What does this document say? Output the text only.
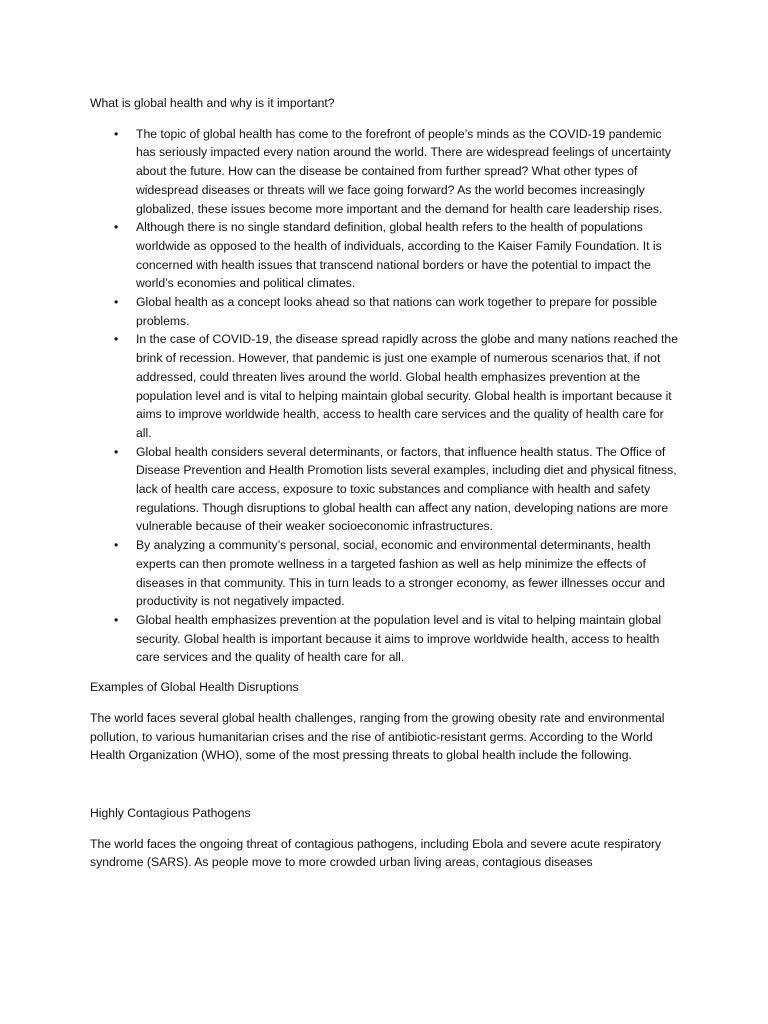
What is global health and why is it important?

• The topic of global health has come to the forefront of people’s minds as the COVID-19 pandemic has seriously impacted every nation around the world. There are widespread feelings of uncertainty about the future. How can the disease be contained from further spread? What other types of widespread diseases or threats will we face going forward? As the world becomes increasingly globalized, these issues become more important and the demand for health care leadership rises.
• Although there is no single standard definition, global health refers to the health of populations worldwide as opposed to the health of individuals, according to the Kaiser Family Foundation. It is concerned with health issues that transcend national borders or have the potential to impact the world’s economies and political climates.
• Global health as a concept looks ahead so that nations can work together to prepare for possible problems.
• In the case of COVID-19, the disease spread rapidly across the globe and many nations reached the brink of recession. However, that pandemic is just one example of numerous scenarios that, if not addressed, could threaten lives around the world. Global health emphasizes prevention at the population level and is vital to helping maintain global security. Global health is important because it aims to improve worldwide health, access to health care services and the quality of health care for all.
• Global health considers several determinants, or factors, that influence health status. The Office of Disease Prevention and Health Promotion lists several examples, including diet and physical fitness, lack of health care access, exposure to toxic substances and compliance with health and safety regulations. Though disruptions to global health can affect any nation, developing nations are more vulnerable because of their weaker socioeconomic infrastructures.
• By analyzing a community’s personal, social, economic and environmental determinants, health experts can then promote wellness in a targeted fashion as well as help minimize the effects of diseases in that community. This in turn leads to a stronger economy, as fewer illnesses occur and productivity is not negatively impacted.
• Global health emphasizes prevention at the population level and is vital to helping maintain global security. Global health is important because it aims to improve worldwide health, access to health care services and the quality of health care for all.

Examples of Global Health Disruptions

The world faces several global health challenges, ranging from the growing obesity rate and environmental pollution, to various humanitarian crises and the rise of antibiotic-resistant germs. According to the World Health Organization (WHO), some of the most pressing threats to global health include the following.

Highly Contagious Pathogens

The world faces the ongoing threat of contagious pathogens, including Ebola and severe acute respiratory syndrome (SARS). As people move to more crowded urban living areas, contagious diseases
